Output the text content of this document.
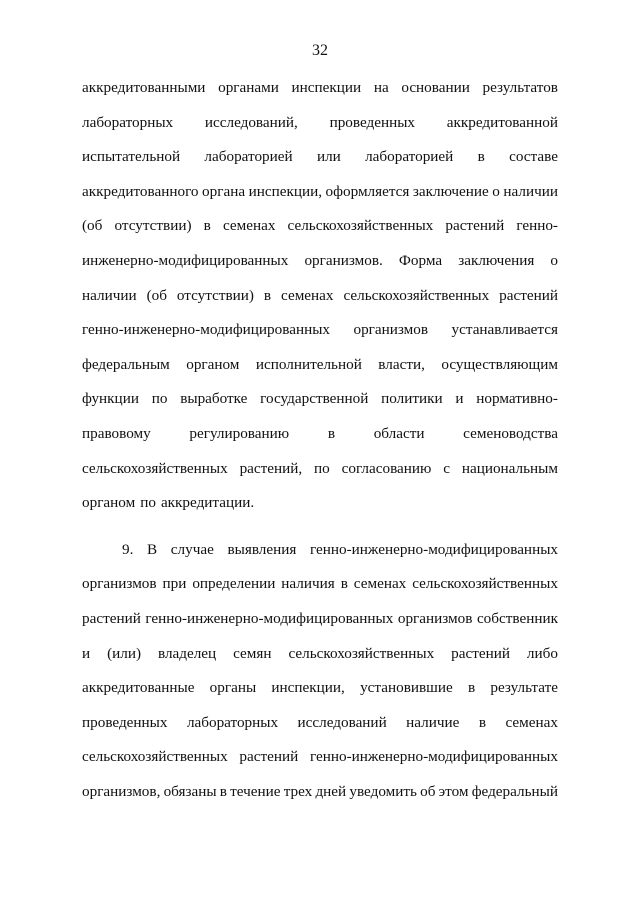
32
аккредитованными органами инспекции на основании результатов
лабораторных исследований, проведенных аккредитованной
испытательной лабораторией или лабораторией в составе
аккредитованного органа инспекции, оформляется заключение о наличии
(об отсутствии) в семенах сельскохозяйственных растений генно-
инженерно-модифицированных организмов. Форма заключения о
наличии (об отсутствии) в семенах сельскохозяйственных растений
генно-инженерно-модифицированных организмов устанавливается
федеральным органом исполнительной власти, осуществляющим
функции по выработке государственной политики и нормативно-
правовому	регулированию	в	области	семеноводства
сельскохозяйственных растений, по согласованию с национальным
органом по аккредитации.
9. В случае выявления генно-инженерно-модифицированных
организмов при определении наличия в семенах сельскохозяйственных
растений генно-инженерно-модифицированных организмов собственник
и (или) владелец семян сельскохозяйственных растений либо
аккредитованные органы инспекции, установившие в результате
проведенных лабораторных исследований наличие в семенах
сельскохозяйственных растений генно-инженерно-модифицированных
организмов, обязаны в течение трех дней уведомить об этом федеральный
